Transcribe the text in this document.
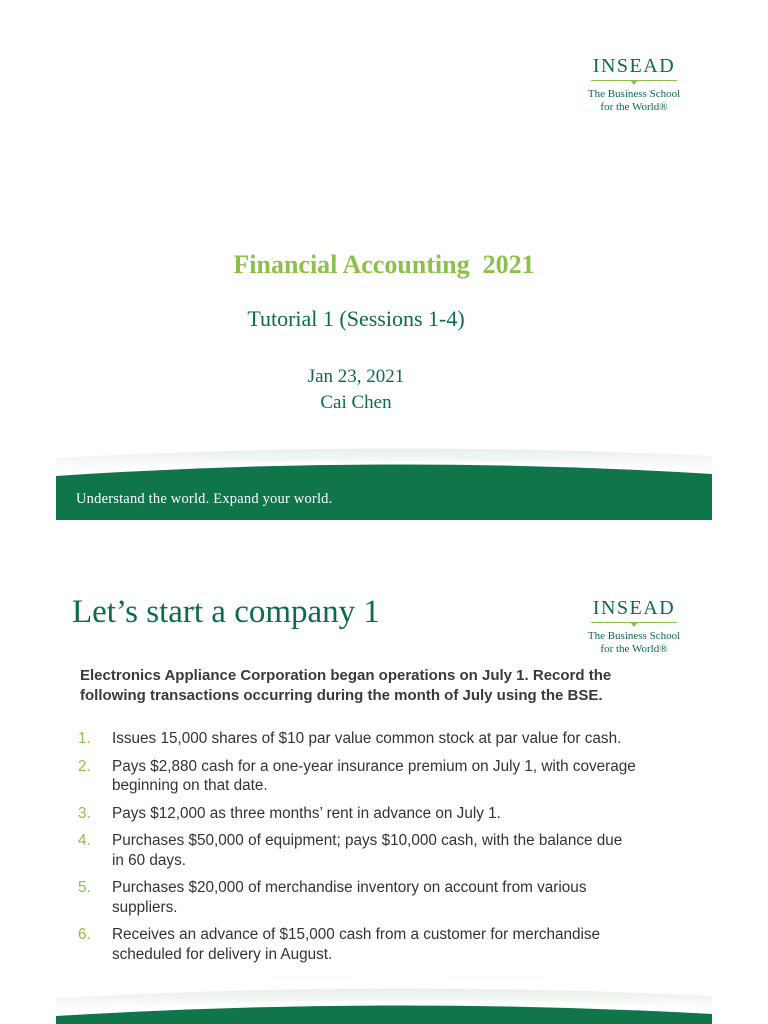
INSEAD
The Business School
for the World®
Financial Accounting  2021
Tutorial 1 (Sessions 1-4)
Jan 23, 2021
Cai Chen
Understand the world. Expand your world.
INSEAD
The Business School
for the World®
Let’s start a company 1
Electronics Appliance Corporation began operations on July 1. Record the following transactions occurring during the month of July using the BSE.
1. Issues 15,000 shares of $10 par value common stock at par value for cash.
2. Pays $2,880 cash for a one-year insurance premium on July 1, with coverage beginning on that date.
3. Pays $12,000 as three months’ rent in advance on July 1.
4. Purchases $50,000 of equipment; pays $10,000 cash, with the balance due in 60 days.
5. Purchases $20,000 of merchandise inventory on account from various suppliers.
6. Receives an advance of $15,000 cash from a customer for merchandise scheduled for delivery in August.
